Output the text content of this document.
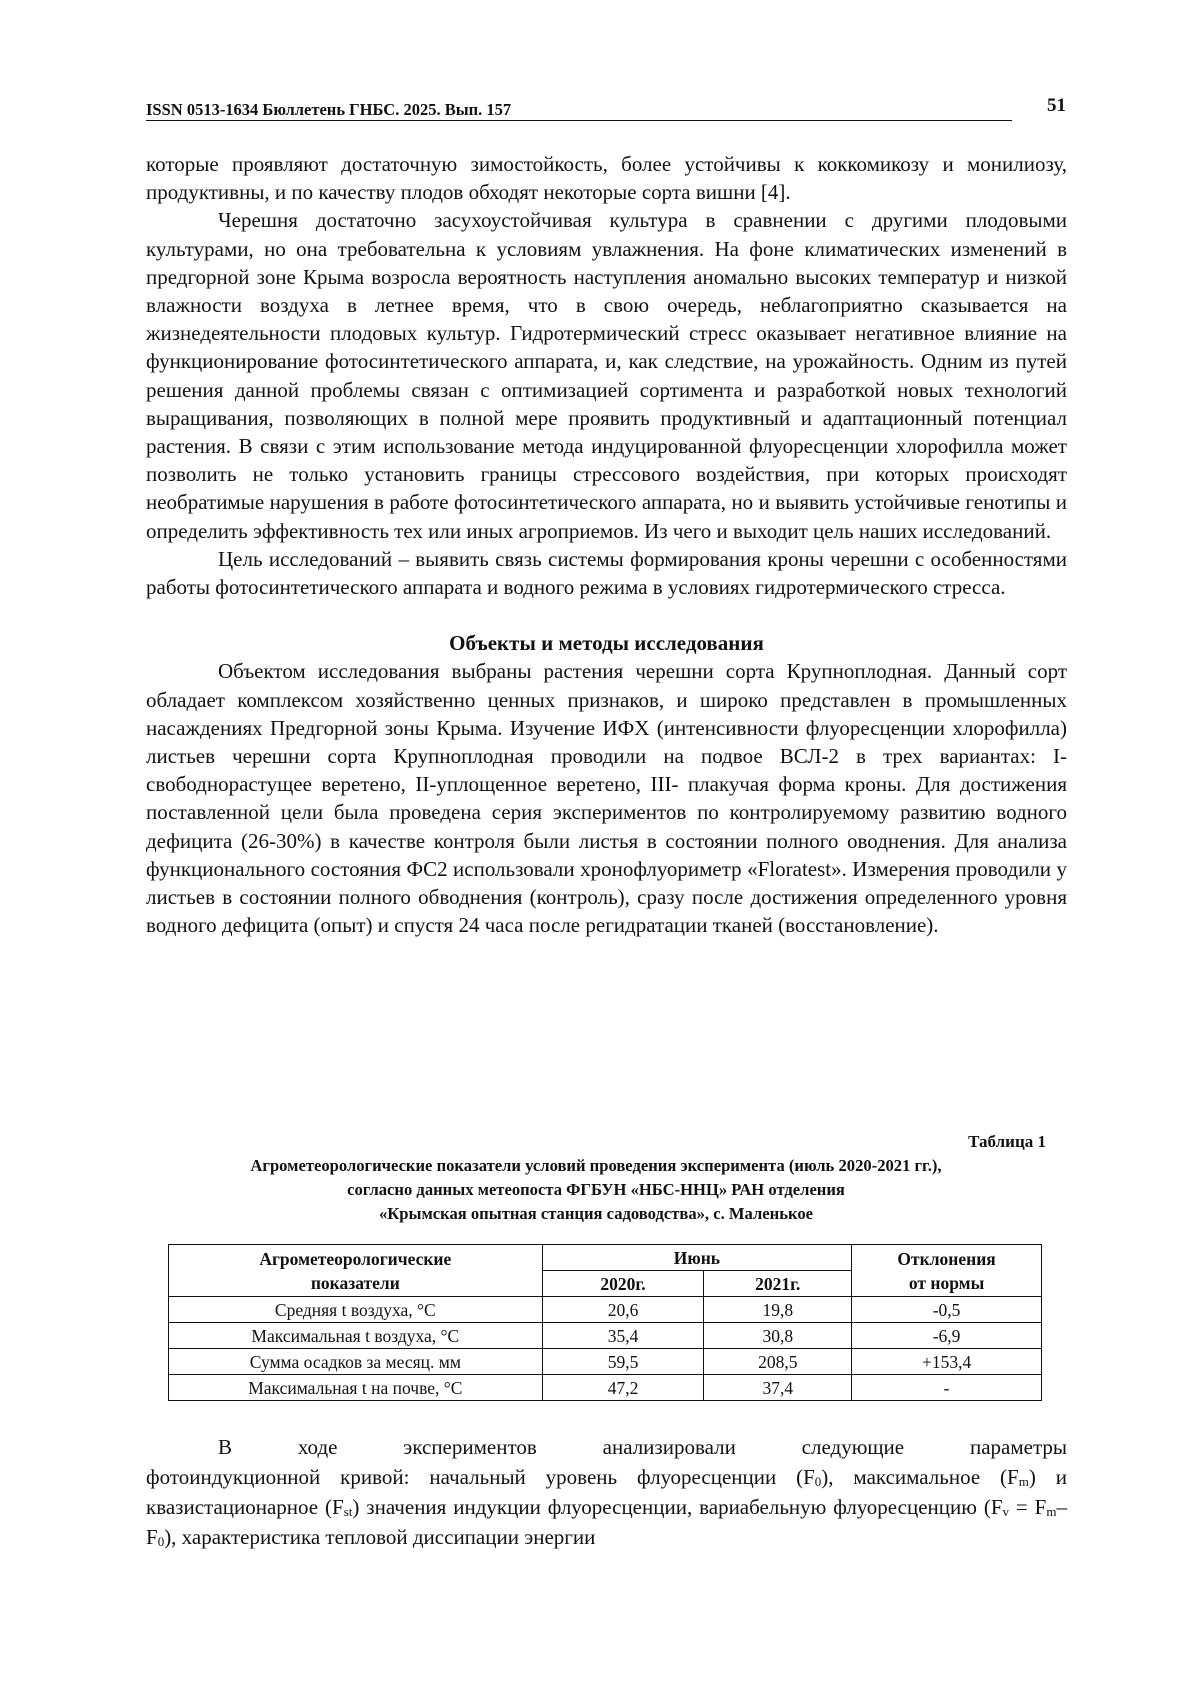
ISSN 0513-1634 Бюллетень ГНБС. 2025. Вып. 157	51

которые проявляют достаточную зимостойкость, более устойчивы к коккомикозу и монилиозу, продуктивны, и по качеству плодов обходят некоторые сорта вишни [4].

Черешня достаточно засухоустойчивая культура в сравнении с другими плодовыми культурами, но она требовательна к условиям увлажнения. На фоне климатических изменений в предгорной зоне Крыма возросла вероятность наступления аномально высоких температур и низкой влажности воздуха в летнее время, что в свою очередь, неблагоприятно сказывается на жизнедеятельности плодовых культур. Гидротермический стресс оказывает негативное влияние на функционирование фотосинтетического аппарата, и, как следствие, на урожайность. Одним из путей решения данной проблемы связан с оптимизацией сортимента и разработкой новых технологий выращивания, позволяющих в полной мере проявить продуктивный и адаптационный потенциал растения. В связи с этим использование метода индуцированной флуоресценции хлорофилла может позволить не только установить границы стрессового воздействия, при которых происходят необратимые нарушения в работе фотосинтетического аппарата, но и выявить устойчивые генотипы и определить эффективность тех или иных агроприемов. Из чего и выходит цель наших исследований.

Цель исследований – выявить связь системы формирования кроны черешни с особенностями работы фотосинтетического аппарата и водного режима в условиях гидротермического стресса.

Объекты и методы исследования

Объектом исследования выбраны растения черешни сорта Крупноплодная. Данный сорт обладает комплексом хозяйственно ценных признаков, и широко представлен в промышленных насаждениях Предгорной зоны Крыма. Изучение ИФХ (интенсивности флуоресценции хлорофилла) листьев черешни сорта Крупноплодная проводили на подвое ВСЛ-2 в трех вариантах: I- свободнорастущее веретено, II-уплощенное веретено, III- плакучая форма кроны. Для достижения поставленной цели была проведена серия экспериментов по контролируемому развитию водного дефицита (26-30%) в качестве контроля были листья в состоянии полного оводнения. Для анализа функционального состояния ФС2 использовали хронофлуориметр «Floratest». Измерения проводили у листьев в состоянии полного обводнения (контроль), сразу после достижения определенного уровня водного дефицита (опыт) и спустя 24 часа после регидратации тканей (восстановление).

Таблица 1
Агрометеорологические показатели условий проведения эксперимента (июль 2020-2021 гг.),
согласно данных метеопоста ФГБУН «НБС-ННЦ» РАН отделения
«Крымская опытная станция садоводства», с. Маленькое
Агрометеорологические
показатели	Июнь		Отклонения
от нормы
	2020г.	2021г.	
Средняя t воздуха, °С	20,6	19,8	-0,5
Максимальная t воздуха, °С	35,4	30,8	-6,9
Сумма осадков за месяц. мм	59,5	208,5	+153,4
Максимальная t на почве, °С	47,2	37,4	-

В ходе экспериментов анализировали следующие параметры

фотоиндукционной кривой: начальный уровень флуоресценции $(F_0)$, максимальное $(F_m)$ и квазистационарное $(F_{st})$ значения индукции флуоресценции, вариабельную флуоресценцию $(F_v = F_m-F_0)$, характеристика тепловой диссипации энергии
